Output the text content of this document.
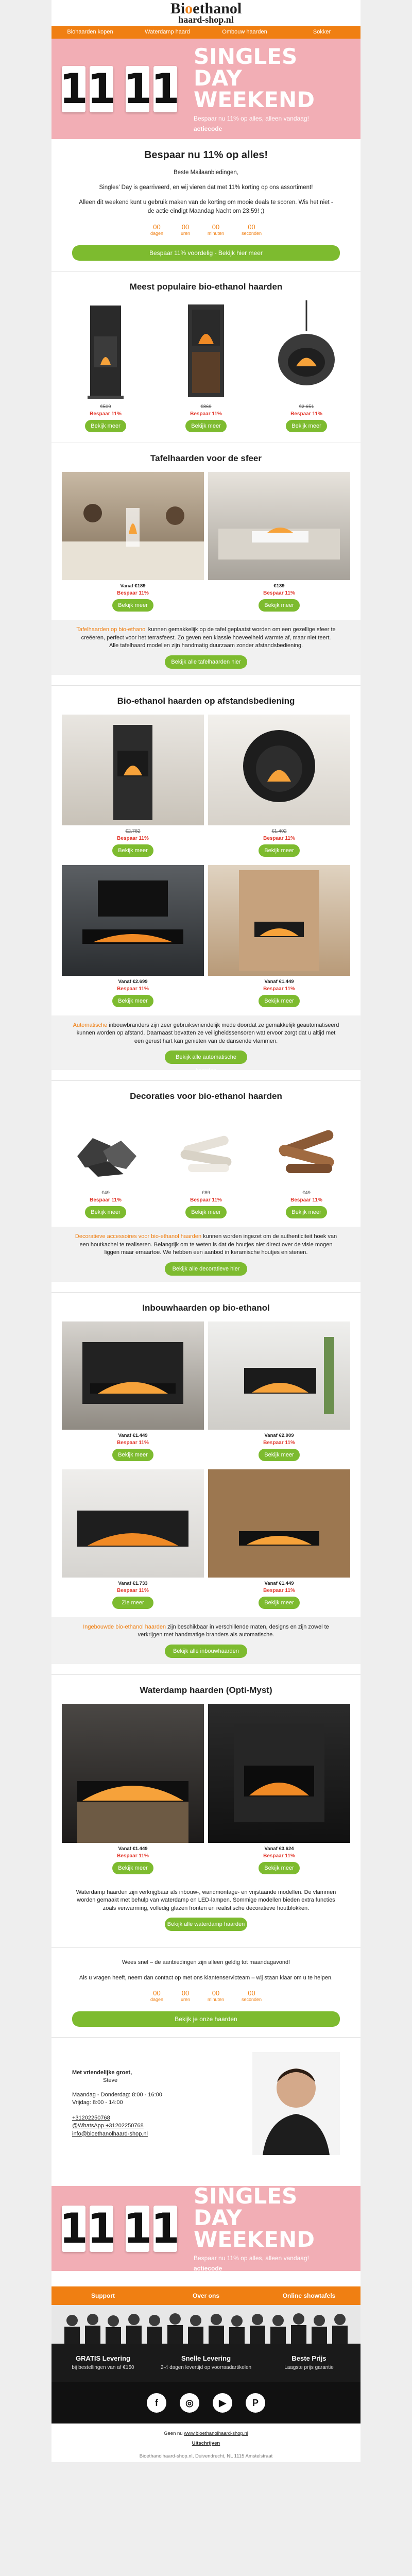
Bioethanol
haard-shop.nl
Biohaarden kopen	Waterdamp haard	Ombouw haarden	Sokker
1
1 1
1
SINGLES DAY
WEEKEND
Bespaar nu 11% op alles, alleen vandaag!
actiecode
Bespaar nu 11% op alles!

Beste Mailaanbiedingen,

Singles' Day is gearriveerd, en wij vieren dat met 11% korting op ons assortiment!

Alleen dit weekend kunt u gebruik maken van de korting om mooie deals te scoren. Wis het niet -
de actie eindigt Maandag Nacht om 23:59! ;)

00
dagen
00
uren
00
minuten
00
seconden
Bespaar 11% voordelig - Bekijk hier meer
Meest populaire bio-ethanol haarden
€509
Bespaar 11%
Bekijk meer
€869
Bespaar 11%
Bekijk meer
€2.651
Bespaar 11%
Bekijk meer
Tafelhaarden voor de sfeer
Vanaf €189
Bespaar 11%
Bekijk meer
€139
Bespaar 11%
Bekijk meer
Tafelhaarden op bio-ethanol kunnen gemakkelijk op de tafel geplaatst worden om een gezellige sfeer te creëeren, perfect voor het terrasfeest. Zo geven een klassie hoeveelheid warmte af, maar niet teert.
Alle tafelhaard modellen zijn handmatig duurzaam zonder afstandsbediening.
Bekijk alle tafelhaarden hier
Bio-ethanol haarden op afstandsbediening
€2.782
Bespaar 11%
Bekijk meer
€1.402
Bespaar 11%
Bekijk meer
Vanaf €2.699
Bespaar 11%
Bekijk meer
Vanaf €1.449
Bespaar 11%
Bekijk meer
Automatische inbouwbranders zijn zeer gebruiksvriendelijk mede doordat ze gemakkelijk geautomatiseerd kunnen worden op afstand. Daarnaast bevatten ze veiligheidssensoren wat ervoor zorgt dat u altijd met een gerust hart kan genieten van de dansende vlammen.
Bekijk alle automatische haarden
Decoraties voor bio-ethanol haarden
€49
Bespaar 11%
Bekijk meer
€89
Bespaar 11%
Bekijk meer
€49
Bespaar 11%
Bekijk meer
Decoratieve accessoires voor bio-ethanol haarden kunnen worden ingezet om de authenticiteit hoek van een houtkachel te realiseren. Belangrijk om te weten is dat de houtjes niet direct over de visie mogen liggen maar ernaartoe. We hebben een aanbod in keramische houtjes en stenen.
Bekijk alle decoratieve hier
Inbouwhaarden op bio-ethanol
Vanaf €1.449
Bespaar 11%
Bekijk meer
Vanaf €2.909
Bespaar 11%
Bekijk meer
Vanaf €1.733
Bespaar 11%
Zie meer
Vanaf €1.449
Bespaar 11%
Bekijk meer
Ingebouwde bio-ethanol haarden zijn beschikbaar in verschillende maten, designs en zijn zowel te verkrijgen met handmatige branders als automatische.
Bekijk alle inbouwhaarden
Waterdamp haarden (Opti-Myst)
Vanaf €1.449
Bespaar 11%
Bekijk meer
Vanaf €3.624
Bespaar 11%
Bekijk meer
Waterdamp haarden zijn verkrijgbaar als inbouw-, wandmontage- en vrijstaande modellen. De vlammen worden gemaakt met behulp van waterdamp en LED-lampen. Sommige modellen bieden extra functies zoals verwarming, volledig glazen fronten en realistische decoratieve houtblokken.
Bekijk alle waterdamp haarden

Wees snel – de aanbiedingen zijn alleen geldig tot maandagavond!

Als u vragen heeft, neem dan contact op met ons klantenservicteam – wij staan klaar om u te helpen.

00
dagen
00
uren
00
minuten
00
seconden
Bekijk je onze haarden
Met vriendelijke groet,
Steve
Maandag - Donderdag: 8:00 - 16:00
Vrijdag: 8:00 - 14:00
+31202250768
@WhatsApp +31202250768
info@bioethanolhaard-shop.nl
1
1 1
1
SINGLES DAY
WEEKEND
Bespaar nu 11% op alles, alleen vandaag!
actiecode
Support	Over ons	Online showtafels
GRATIS Levering
bij bestellingen van af €150
Snelle Levering
2-4 dagen levertijd op voorraadartikelen
Beste Prijs
Laagste prijs garantie
f	◎	▶	P
Geen nu www.bioethanolhaard-shop.nl
Uitschrijven
Bioethanolhaard-shop.nl, Duivendrecht, NL 1115 Amstelstraat
